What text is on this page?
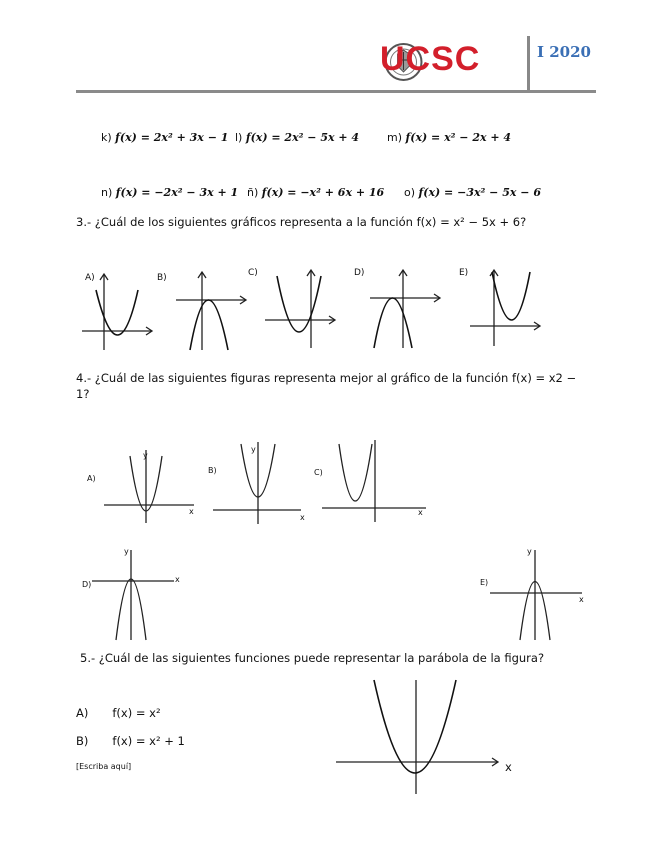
UCSC	I 2020
k) f(x) = 2x² + 3x − 1 l) f(x) = 2x² − 5x + 4	m) f(x) = x² − 2x + 4
n) f(x) = −2x² − 3x + 1 ñ) f(x) = −x² + 6x + 16 o) f(x) = −3x² − 5x − 6
3.- ¿Cuál de los siguientes gráficos representa a la función f(x) = x² − 5x + 6?
A)	B)	C)	D)	E)
4.- ¿Cuál de las siguientes figuras representa mejor al gráfico de la función f(x) = x2 −
1?
A)
y
x
B)
y
x
C)
x
D)
y
x	E)
y
x
5.- ¿Cuál de las siguientes funciones puede representar la parábola de la figura?
A) f(x) = x²
B) f(x) = x² + 1
[Escriba aquí]	x
